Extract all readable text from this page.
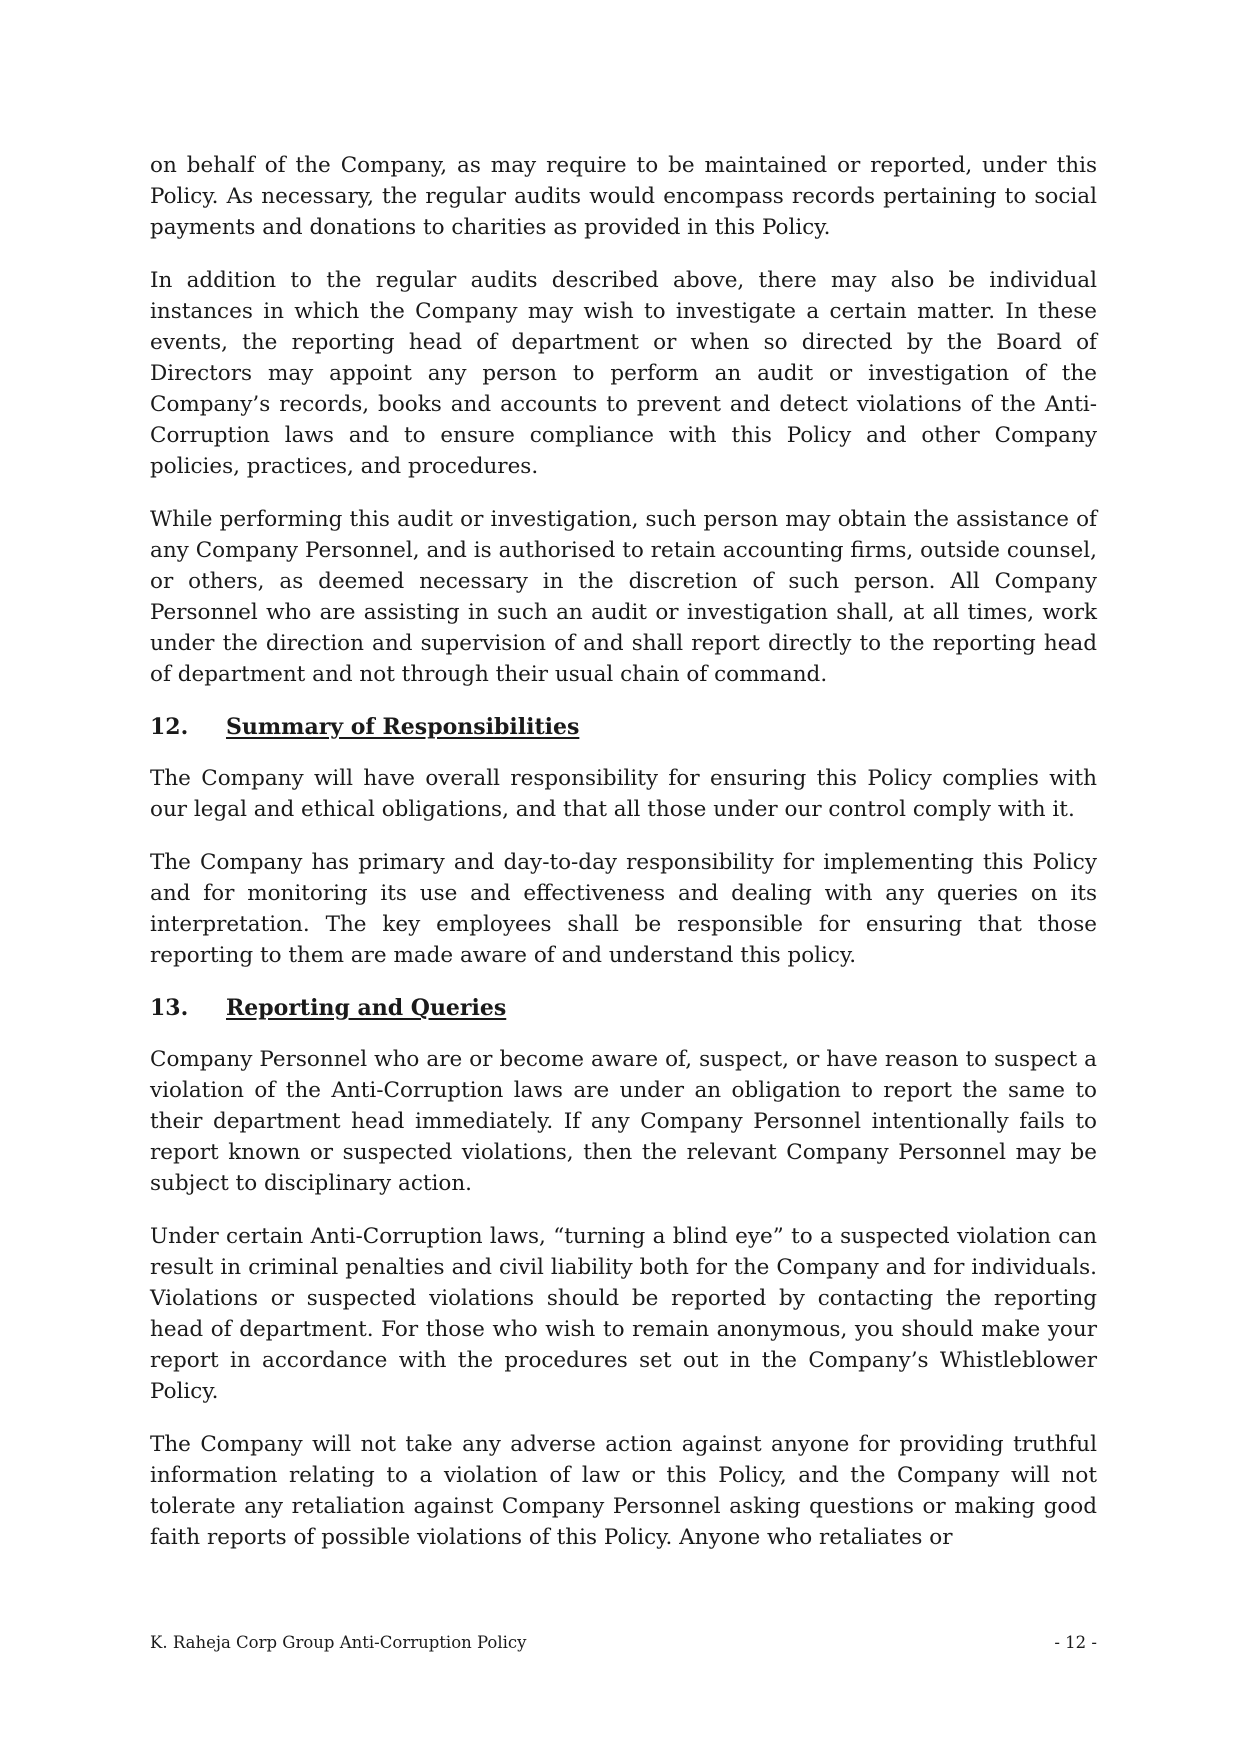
on behalf of the Company, as may require to be maintained or reported, under this Policy. As necessary, the regular audits would encompass records pertaining to social payments and donations to charities as provided in this Policy.

In addition to the regular audits described above, there may also be individual instances in which the Company may wish to investigate a certain matter. In these events, the reporting head of department or when so directed by the Board of Directors may appoint any person to perform an audit or investigation of the Company’s records, books and accounts to prevent and detect violations of the Anti-Corruption laws and to ensure compliance with this Policy and other Company policies, practices, and procedures.

While performing this audit or investigation, such person may obtain the assistance of any Company Personnel, and is authorised to retain accounting firms, outside counsel, or others, as deemed necessary in the discretion of such person. All Company Personnel who are assisting in such an audit or investigation shall, at all times, work under the direction and supervision of and shall report directly to the reporting head of department and not through their usual chain of command.

12. Summary of Responsibilities

The Company will have overall responsibility for ensuring this Policy complies with our legal and ethical obligations, and that all those under our control comply with it.

The Company has primary and day-to-day responsibility for implementing this Policy and for monitoring its use and effectiveness and dealing with any queries on its interpretation. The key employees shall be responsible for ensuring that those reporting to them are made aware of and understand this policy.

13. Reporting and Queries

Company Personnel who are or become aware of, suspect, or have reason to suspect a violation of the Anti-Corruption laws are under an obligation to report the same to their department head immediately. If any Company Personnel intentionally fails to report known or suspected violations, then the relevant Company Personnel may be subject to disciplinary action.

Under certain Anti-Corruption laws, “turning a blind eye” to a suspected violation can result in criminal penalties and civil liability both for the Company and for individuals. Violations or suspected violations should be reported by contacting the reporting head of department. For those who wish to remain anonymous, you should make your report in accordance with the procedures set out in the Company’s Whistleblower Policy.

The Company will not take any adverse action against anyone for providing truthful information relating to a violation of law or this Policy, and the Company will not tolerate any retaliation against Company Personnel asking questions or making good faith reports of possible violations of this Policy. Anyone who retaliates or

K. Raheja Corp Group Anti-Corruption Policy	- 12 -
